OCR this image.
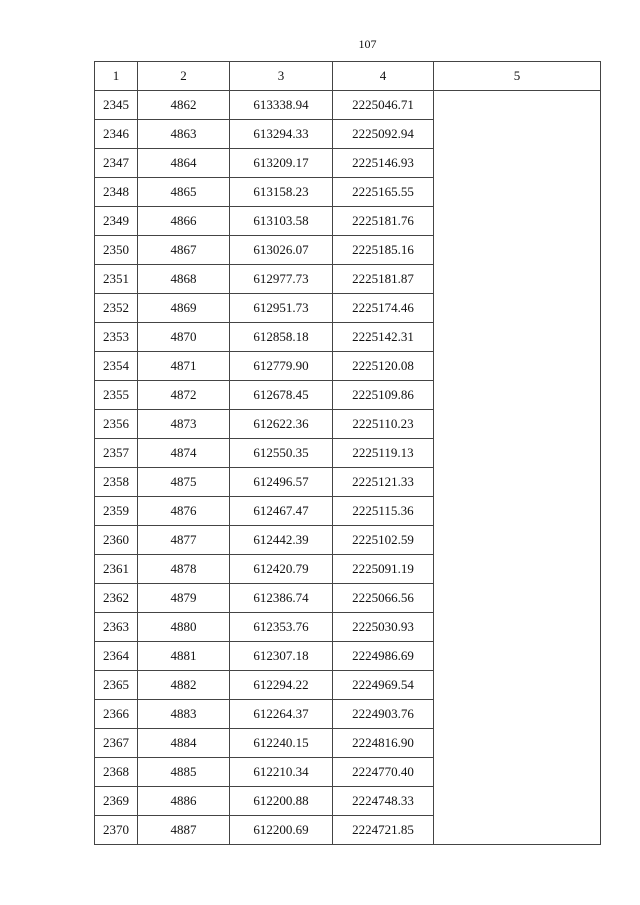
107
1	2	3	4	5
2345	4862	613338.94	2225046.71	
2346	4863	613294.33	2225092.94	
2347	4864	613209.17	2225146.93	
2348	4865	613158.23	2225165.55	
2349	4866	613103.58	2225181.76	
2350	4867	613026.07	2225185.16	
2351	4868	612977.73	2225181.87	
2352	4869	612951.73	2225174.46	
2353	4870	612858.18	2225142.31	
2354	4871	612779.90	2225120.08	
2355	4872	612678.45	2225109.86	
2356	4873	612622.36	2225110.23	
2357	4874	612550.35	2225119.13	
2358	4875	612496.57	2225121.33	
2359	4876	612467.47	2225115.36	
2360	4877	612442.39	2225102.59	
2361	4878	612420.79	2225091.19	
2362	4879	612386.74	2225066.56	
2363	4880	612353.76	2225030.93	
2364	4881	612307.18	2224986.69	
2365	4882	612294.22	2224969.54	
2366	4883	612264.37	2224903.76	
2367	4884	612240.15	2224816.90	
2368	4885	612210.34	2224770.40	
2369	4886	612200.88	2224748.33	
2370	4887	612200.69	2224721.85	
